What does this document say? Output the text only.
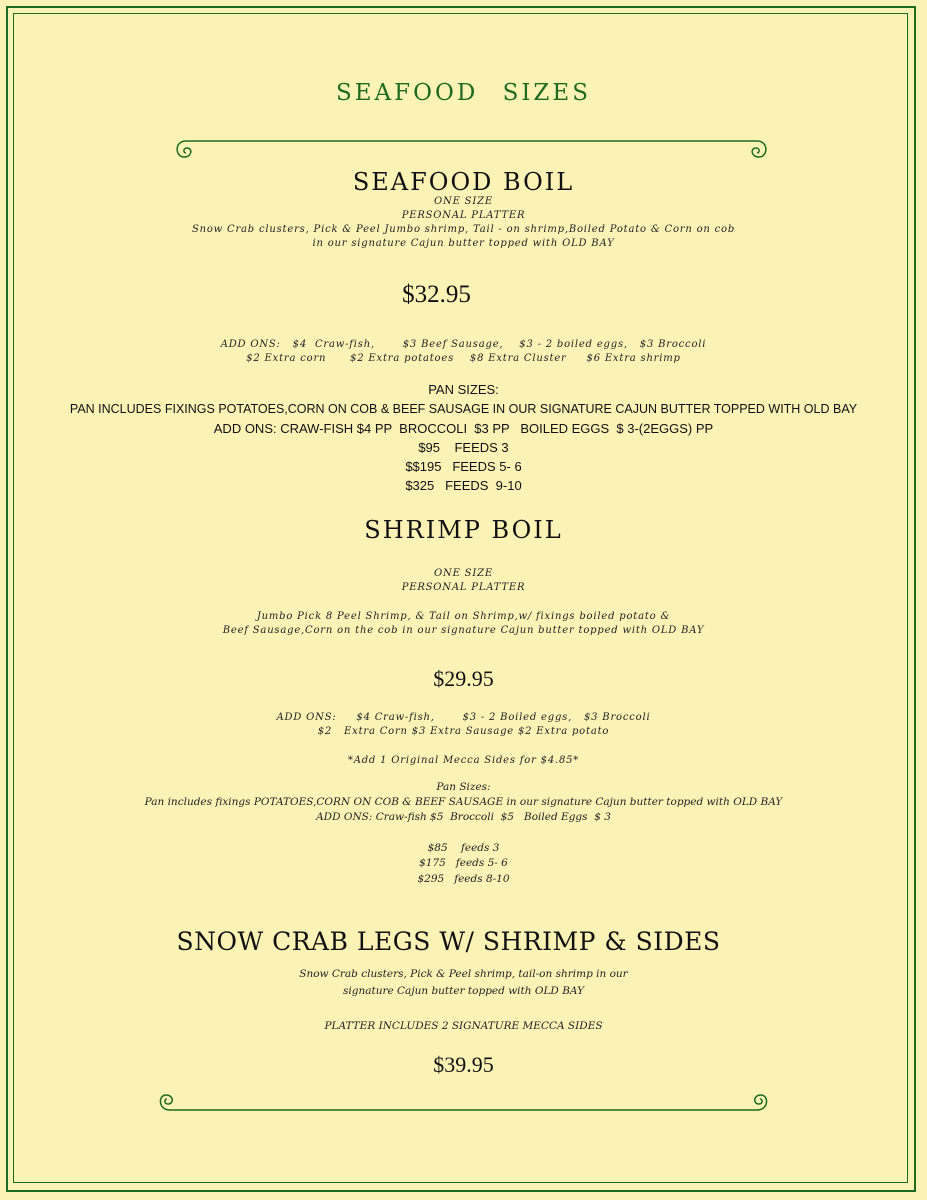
SEAFOOD SIZES
SEAFOOD BOIL
ONE SIZE
PERSONAL PLATTER
Snow Crab clusters, Pick & Peel Jumbo shrimp, Tail - on shrimp,Boiled Potato & Corn on cob
in our signature Cajun butter topped with OLD BAY
$32.95
ADD ONS:   $4  Craw-fish,       $3 Beef Sausage,    $3 - 2 boiled eggs,   $3 Broccoli
$2 Extra corn      $2 Extra potatoes    $8 Extra Cluster     $6 Extra shrimp
PAN SIZES:
PAN INCLUDES FIXINGS POTATOES,CORN ON COB & BEEF SAUSAGE IN OUR SIGNATURE CAJUN BUTTER TOPPED WITH OLD BAY
ADD ONS: CRAW-FISH $4 PP  BROCCOLI  $3 PP   BOILED EGGS  $ 3-(2EGGS) PP
$95    FEEDS 3
$$195   FEEDS 5- 6
$325   FEEDS  9-10
SHRIMP BOIL
ONE SIZE
PERSONAL PLATTER
Jumbo Pick 8 Peel Shrimp, & Tail on Shrimp,w/ fixings boiled potato &
Beef Sausage,Corn on the cob in our signature Cajun butter topped with OLD BAY
$29.95
ADD ONS:     $4 Craw-fish,       $3 - 2 Boiled eggs,   $3 Broccoli
$2   Extra Corn $3 Extra Sausage $2 Extra potato
*Add 1 Original Mecca Sides for $4.85*
Pan Sizes:
Pan includes fixings POTATOES,CORN ON COB & BEEF SAUSAGE in our signature Cajun butter topped with OLD BAY
ADD ONS: Craw-fish $5  Broccoli  $5   Boiled Eggs  $ 3
$85    feeds 3
$175   feeds 5- 6
$295   feeds 8-10
SNOW CRAB LEGS W/ SHRIMP & SIDES
Snow Crab clusters, Pick & Peel shrimp, tail-on shrimp in our
signature Cajun butter topped with OLD BAY
PLATTER INCLUDES 2 SIGNATURE MECCA SIDES
$39.95
